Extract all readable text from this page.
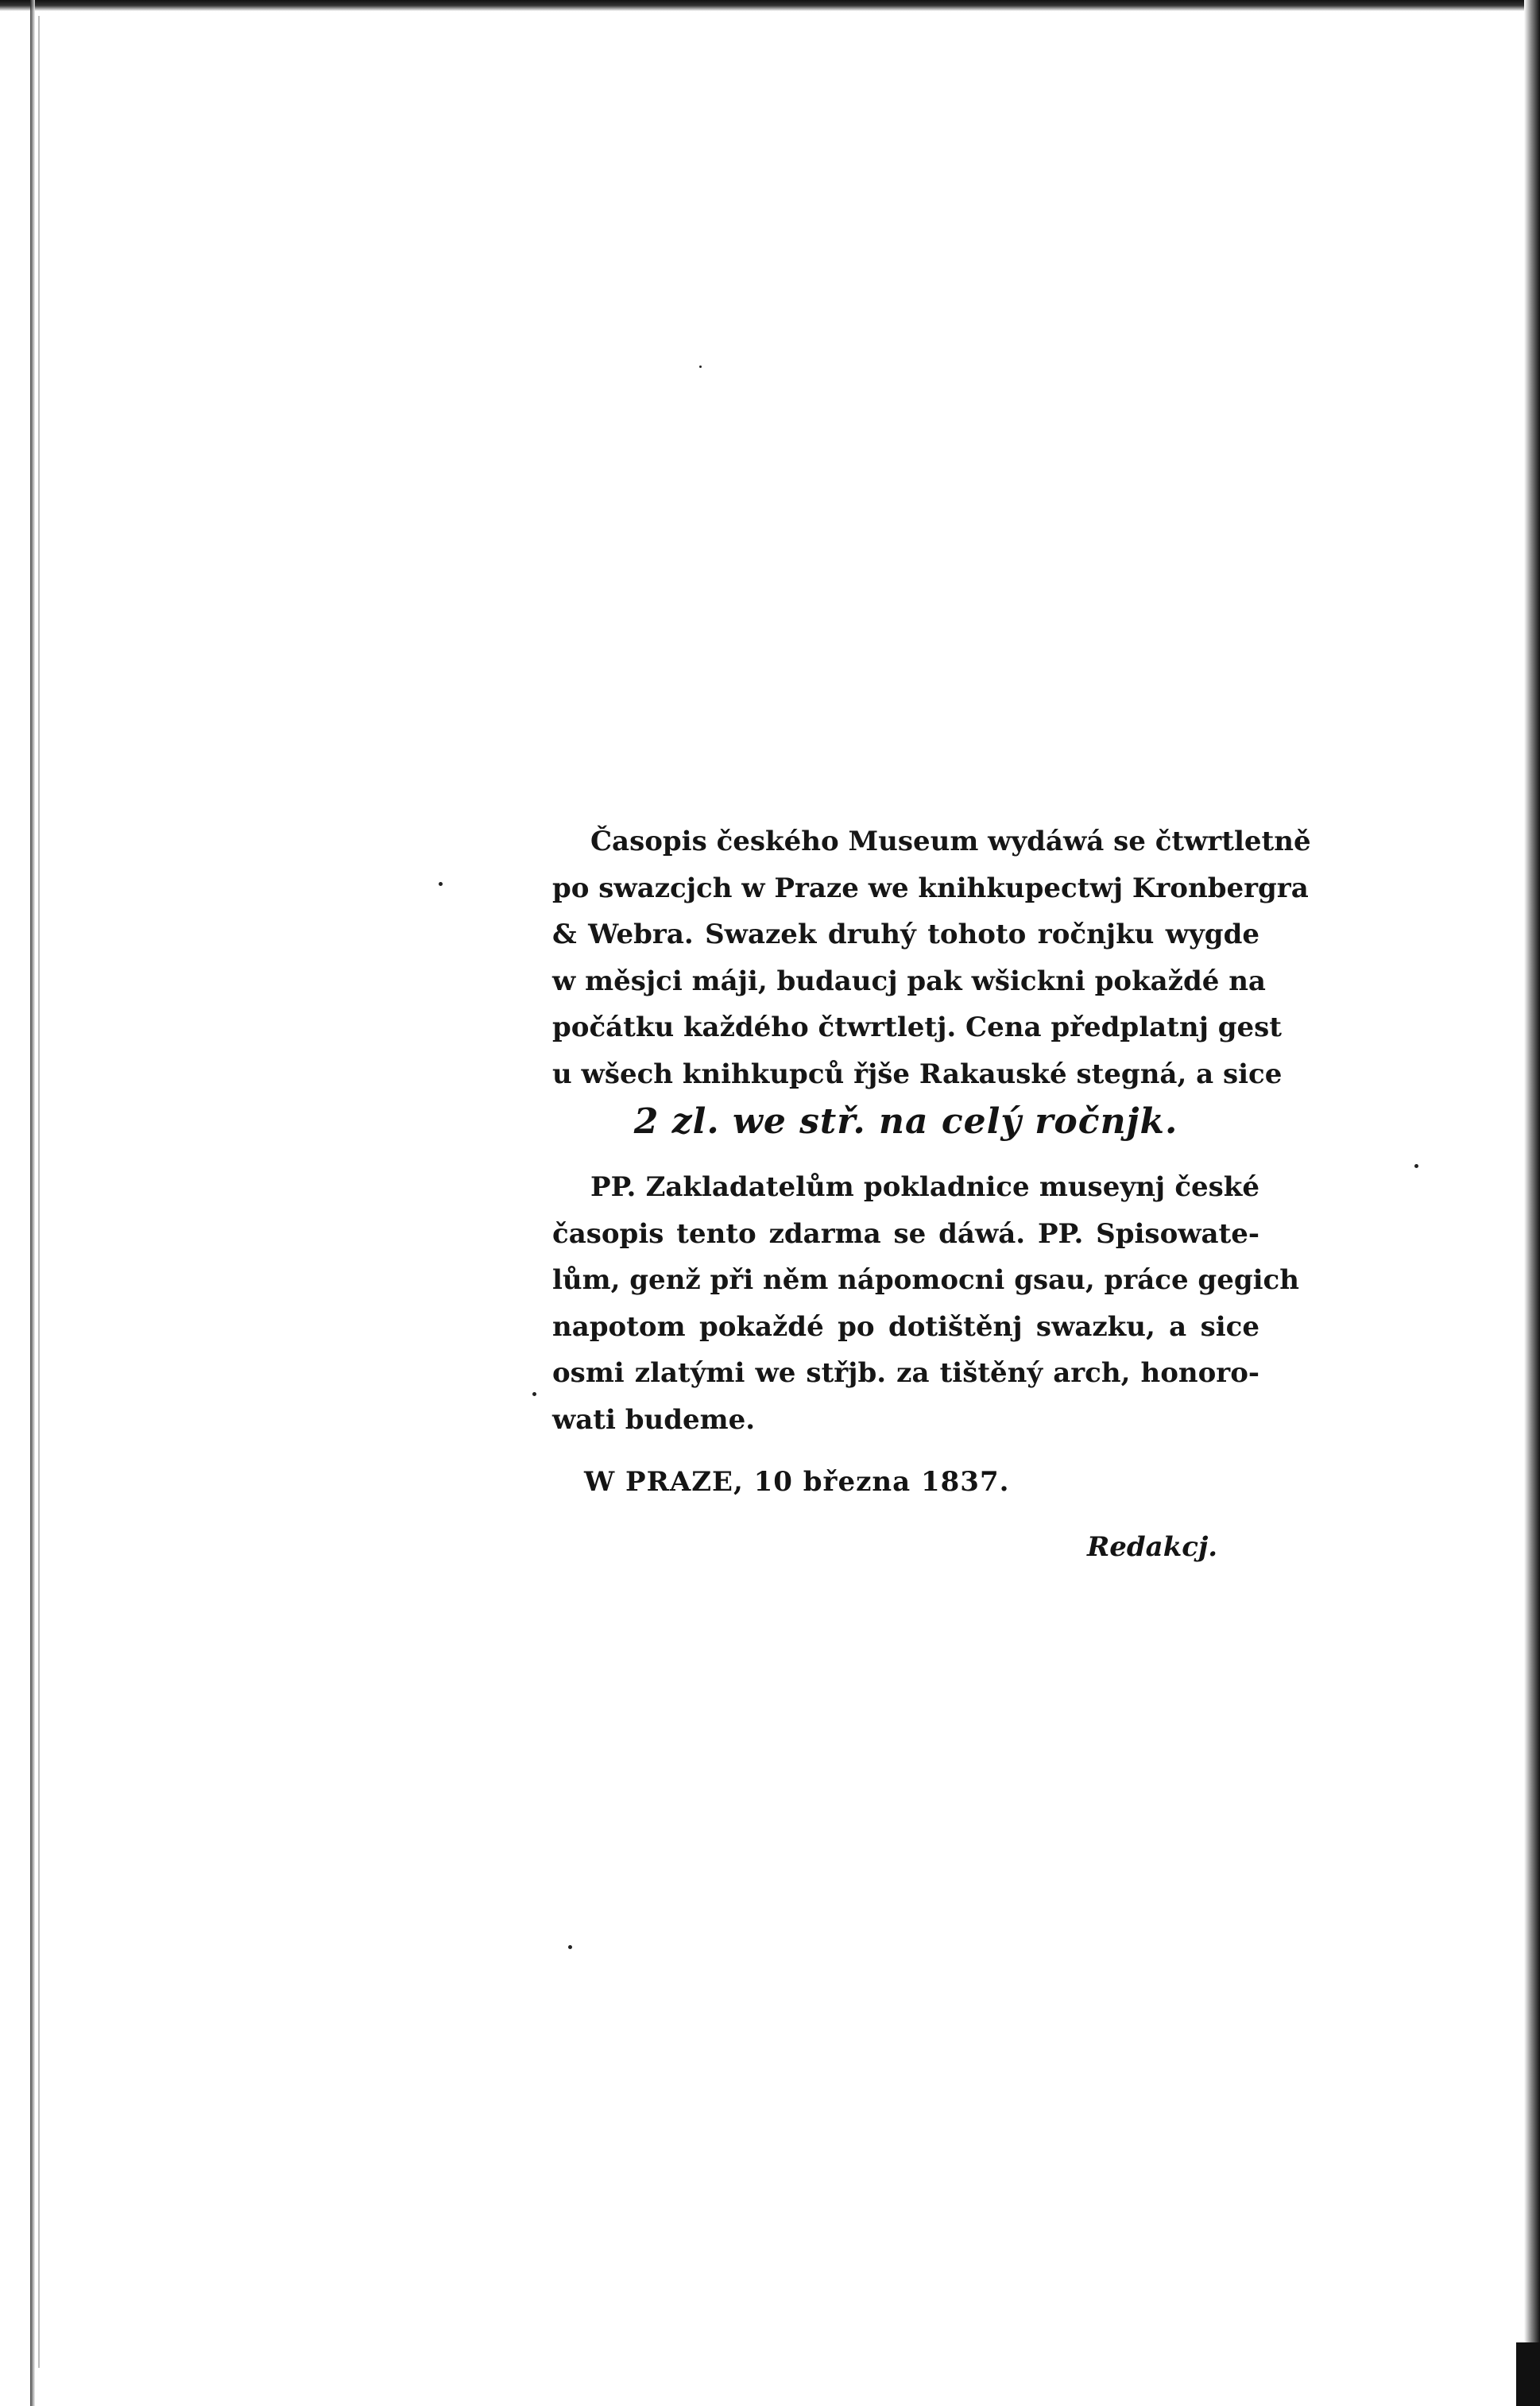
Časopis českého Museum wydáwá se čtwrtletně
po swazcjch w Praze we knihkupectwj Kronbergra
& Webra. Swazek druhý tohoto ročnjku wygde
w měsjci máji, budaucj pak wšickni pokaždé na
počátku každého čtwrtletj. Cena předplatnj gest
u wšech knihkupců řjše Rakauské stegná, a sice

2 zl. we stř. na celý ročnjk.

PP. Zakladatelům pokladnice museynj české
časopis tento zdarma se dáwá. PP. Spisowate-
lům, genž při něm nápomocni gsau, práce gegich
napotom pokaždé po dotištěnj swazku, a sice
osmi zlatými we střjb. za tištěný arch, honoro-
wati budeme.

W PRAZE, 10 března 1837.
Redakcj.
